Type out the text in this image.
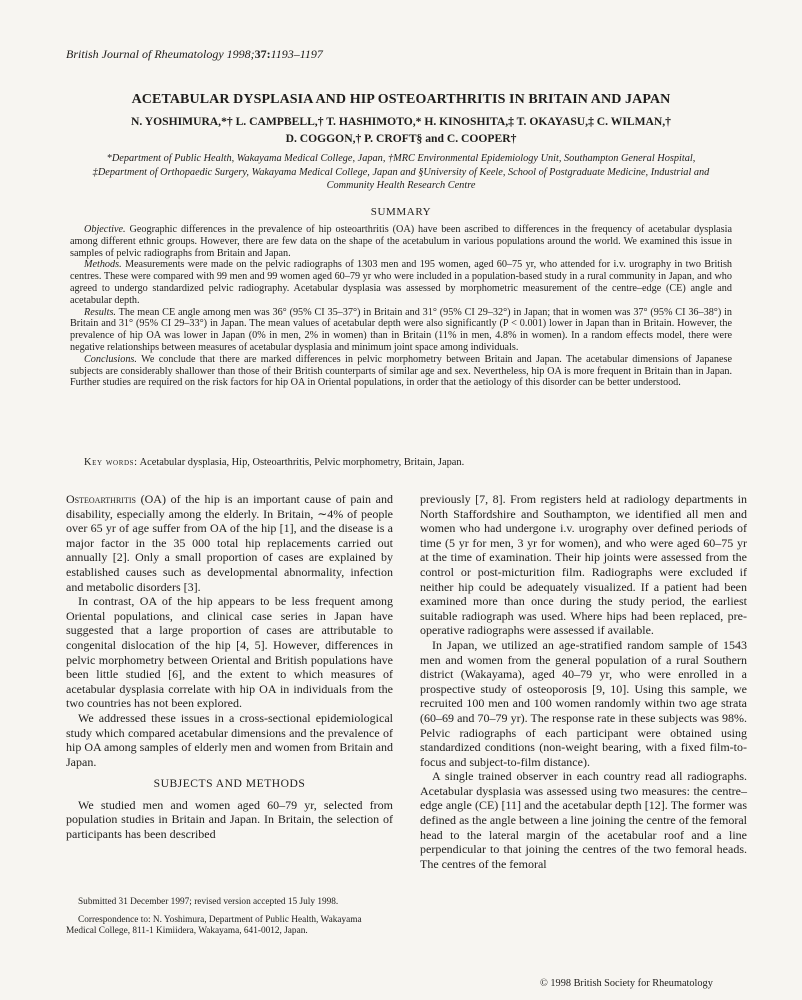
British Journal of Rheumatology 1998;37:1193–1197
ACETABULAR DYSPLASIA AND HIP OSTEOARTHRITIS IN BRITAIN AND JAPAN
N. YOSHIMURA,*† L. CAMPBELL,† T. HASHIMOTO,* H. KINOSHITA,‡ T. OKAYASU,‡ C. WILMAN,†
D. COGGON,† P. CROFT§ and C. COOPER†
*Department of Public Health, Wakayama Medical College, Japan, †MRC Environmental Epidemiology Unit, Southampton General Hospital, ‡Department of Orthopaedic Surgery, Wakayama Medical College, Japan and §University of Keele, School of Postgraduate Medicine, Industrial and Community Health Research Centre
SUMMARY

Objective. Geographic differences in the prevalence of hip osteoarthritis (OA) have been ascribed to differences in the frequency of acetabular dysplasia among different ethnic groups. However, there are few data on the shape of the acetabulum in various populations around the world. We examined this issue in samples of pelvic radiographs from Britain and Japan.

Methods. Measurements were made on the pelvic radiographs of 1303 men and 195 women, aged 60–75 yr, who attended for i.v. urography in two British centres. These were compared with 99 men and 99 women aged 60–79 yr who were included in a population-based study in a rural community in Japan, and who agreed to undergo standardized pelvic radiography. Acetabular dysplasia was assessed by morphometric measurement of the centre–edge (CE) angle and acetabular depth.

Results. The mean CE angle among men was 36° (95% CI 35–37°) in Britain and 31° (95% CI 29–32°) in Japan; that in women was 37° (95% CI 36–38°) in Britain and 31° (95% CI 29–33°) in Japan. The mean values of acetabular depth were also significantly (P < 0.001) lower in Japan than in Britain. However, the prevalence of hip OA was lower in Japan (0% in men, 2% in women) than in Britain (11% in men, 4.8% in women). In a random effects model, there were negative relationships between measures of acetabular dysplasia and minimum joint space among individuals.

Conclusions. We conclude that there are marked differences in pelvic morphometry between Britain and Japan. The acetabular dimensions of Japanese subjects are considerably shallower than those of their British counterparts of similar age and sex. Nevertheless, hip OA is more frequent in Britain than in Japan. Further studies are required on the risk factors for hip OA in Oriental populations, in order that the aetiology of this disorder can be better understood.

Key words: Acetabular dysplasia, Hip, Osteoarthritis, Pelvic morphometry, Britain, Japan.

Osteoarthritis (OA) of the hip is an important cause of pain and disability, especially among the elderly. In Britain, ∼4% of people over 65 yr of age suffer from OA of the hip [1], and the disease is a major factor in the 35 000 total hip replacements carried out annually [2]. Only a small proportion of cases are explained by established causes such as developmental abnormality, infection and metabolic disorders [3].

In contrast, OA of the hip appears to be less frequent among Oriental populations, and clinical case series in Japan have suggested that a large proportion of cases are attributable to congenital dislocation of the hip [4, 5]. However, differences in pelvic morphometry between Oriental and British populations have been little studied [6], and the extent to which measures of acetabular dysplasia correlate with hip OA in individuals from the two countries has not been explored.

We addressed these issues in a cross-sectional epidemiological study which compared acetabular dimensions and the prevalence of hip OA among samples of elderly men and women from Britain and Japan.

SUBJECTS AND METHODS

We studied men and women aged 60–79 yr, selected from population studies in Britain and Japan. In Britain, the selection of participants has been described

Submitted 31 December 1997; revised version accepted 15 July 1998.

Correspondence to: N. Yoshimura, Department of Public Health, Wakayama Medical College, 811-1 Kimiidera, Wakayama, 641-0012, Japan.

previously [7, 8]. From registers held at radiology departments in North Staffordshire and Southampton, we identified all men and women who had undergone i.v. urography over defined periods of time (5 yr for men, 3 yr for women), and who were aged 60–75 yr at the time of examination. Their hip joints were assessed from the control or post-micturition film. Radiographs were excluded if neither hip could be adequately visualized. If a patient had been examined more than once during the study period, the earliest suitable radiograph was used. Where hips had been replaced, pre-operative radiographs were assessed if available.

In Japan, we utilized an age-stratified random sample of 1543 men and women from the general population of a rural Southern district (Wakayama), aged 40–79 yr, who were enrolled in a prospective study of osteoporosis [9, 10]. Using this sample, we recruited 100 men and 100 women randomly within two age strata (60–69 and 70–79 yr). The response rate in these subjects was 98%. Pelvic radiographs of each participant were obtained using standardized conditions (non-weight bearing, with a fixed film-to-focus and subject-to-film distance).

A single trained observer in each country read all radiographs. Acetabular dysplasia was assessed using two measures: the centre–edge angle (CE) [11] and the acetabular depth [12]. The former was defined as the angle between a line joining the centre of the femoral head to the lateral margin of the acetabular roof and a line perpendicular to that joining the centres of the two femoral heads. The centres of the femoral

© 1998 British Society for Rheumatology
